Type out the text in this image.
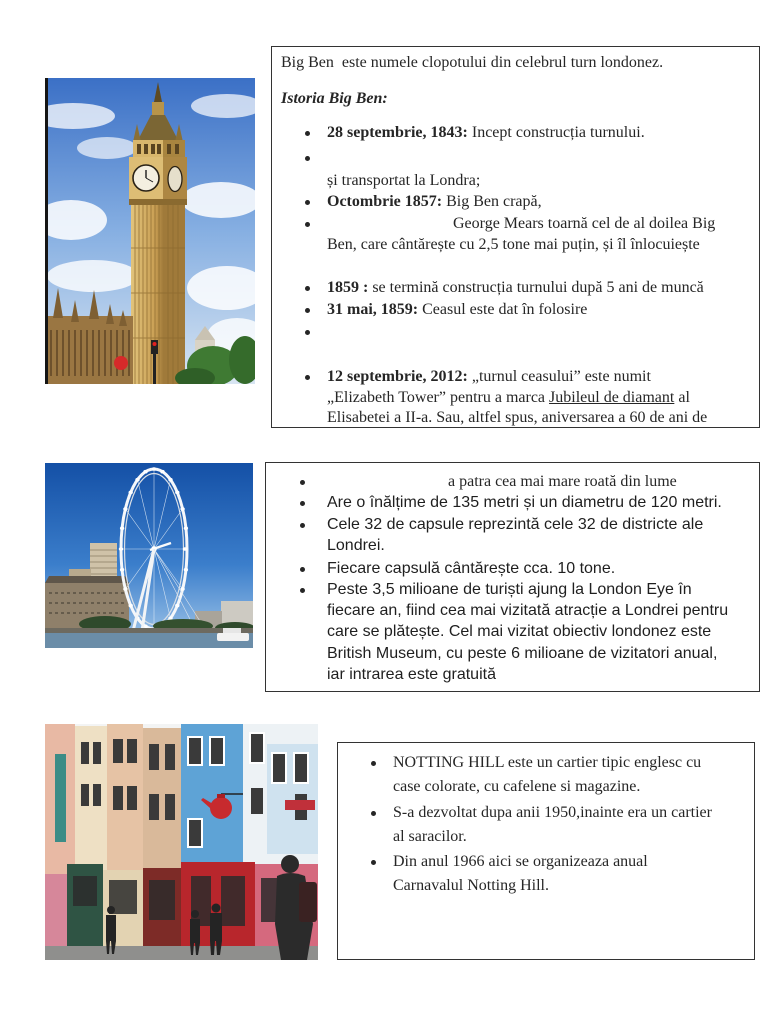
Big Ben  este numele clopotului din celebrul turn londonez.
Istoria Big Ben:
28 septembrie, 1843: Incept construcția turnului.
și transportat la Londra;
Octombrie 1857: Big Ben crapă,
George Mears toarnă cel de al doilea Big
Ben, care cântărește cu 2,5 tone mai puțin, și îl înlocuiește
1859 : se termină construcția turnului după 5 ani de muncă
31 mai, 1859: Ceasul este dat în folosire
12 septembrie, 2012: „turnul ceasului” este numit
„Elizabeth Tower” pentru a marca Jubileul de diamant al
Elisabetei a II-a. Sau, altfel spus, aniversarea a 60 de ani de
a patra cea mai mare roată din lume
Are o înălțime de 135 metri și un diametru de 120 metri.
Cele 32 de capsule reprezintă cele 32 de districte ale
Londrei.
Fiecare capsulă cântărește cca. 10 tone.
Peste 3,5 milioane de turiști ajung la London Eye în
fiecare an, fiind cea mai vizitată atracție a Londrei pentru
care se plătește. Cel mai vizitat obiectiv londonez este
British Museum, cu peste 6 milioane de vizitatori anual,
iar intrarea este gratuită
NOTTING HILL este un cartier tipic englesc cu
case colorate, cu cafelene si magazine.
S-a dezvoltat dupa anii 1950,inainte era un cartier
al saracilor.
Din anul 1966 aici se organizeaza anual
Carnavalul Notting Hill.
